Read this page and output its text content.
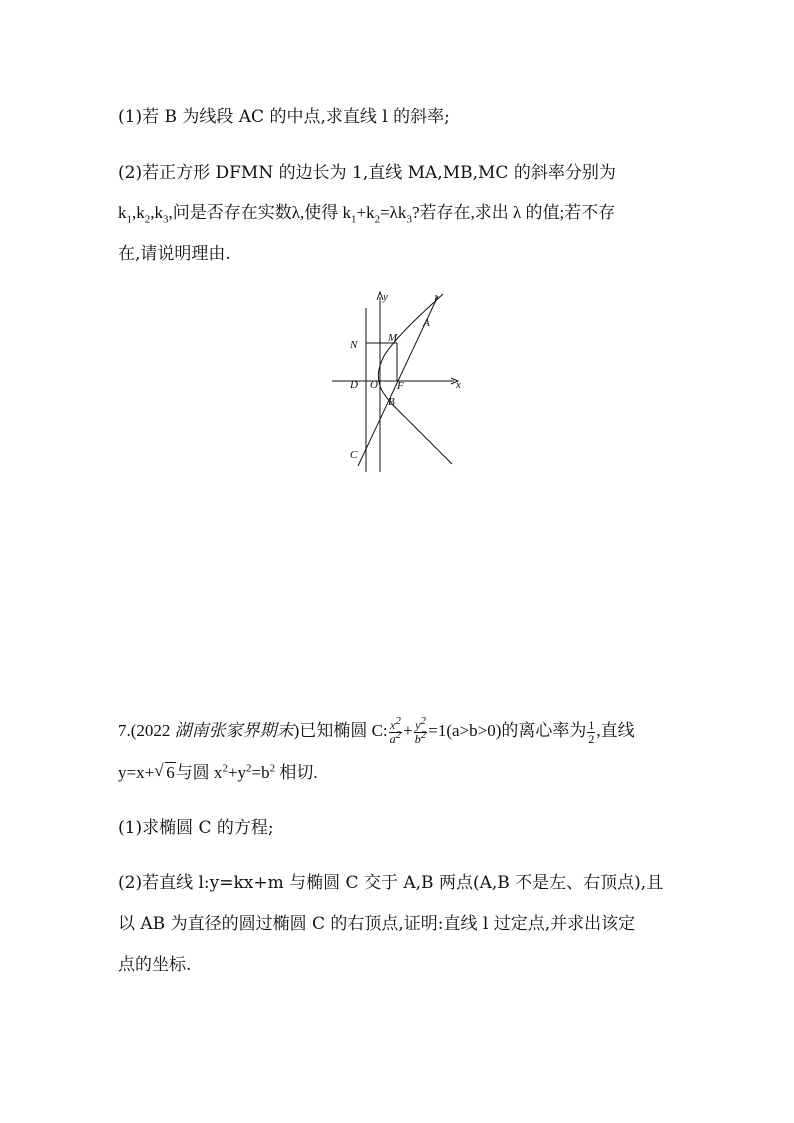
(1)若 B 为线段 AC 的中点,求直线 l 的斜率;
(2)若正方形 DFMN 的边长为 1,直线 MA,MB,MC 的斜率分别为
$k_1,k_2,k_3$,问是否存在实数λ,使得 $k_1+k_2=\lambda k_3$?若存在,求出 λ 的值;若不存
在,请说明理由.
y
x
l
A
M
N
D O F
B
C
7.(2022 湖南张家界期末)已知椭圆 C: $\frac{x^2}{a^2} + \frac{y^2}{b^2} =1(a>b>0)$的离心率为 $\frac{1}{2}$ ,直线
y=x+√ 6与圆 $x^2+y^2=b^2$ 相切.
(1)求椭圆 C 的方程;
(2)若直线 l:y=kx+m 与椭圆 C 交于 A,B 两点(A,B 不是左、右顶点),且
以 AB 为直径的圆过椭圆 C 的右顶点,证明:直线 l 过定点,并求出该定
点的坐标.
